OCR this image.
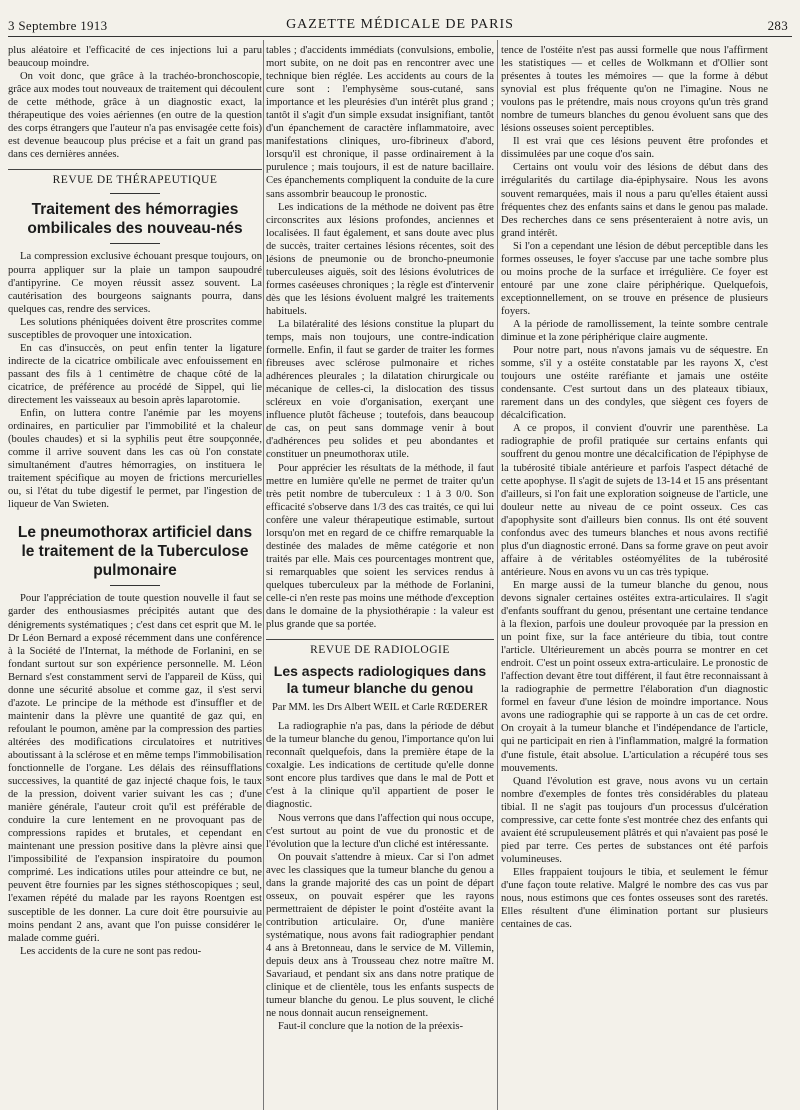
3 Septembre 1913	GAZETTE MÉDICALE DE PARIS	283

plus aléatoire et l'efficacité de ces injections lui a paru beaucoup moindre.

On voit donc, que grâce à la trachéo-bronchoscopie, grâce aux modes tout nouveaux de traitement qui découlent de cette méthode, grâce à un diagnostic exact, la thérapeutique des voies aériennes (en outre de la question des corps étrangers que l'auteur n'a pas envisagée cette fois) est devenue beaucoup plus précise et a fait un grand pas dans ces dernières années.

REVUE DE THÉRAPEUTIQUE
Traitement des hémorragies ombilicales des nouveau-nés

La compression exclusive échouant presque toujours, on pourra appliquer sur la plaie un tampon saupoudré d'antipyrine. Ce moyen réussit assez souvent. La cautérisation des bourgeons saignants pourra, dans quelques cas, rendre des services.

Les solutions phéniquées doivent être proscrites comme susceptibles de provoquer une intoxication.

En cas d'insuccès, on peut enfin tenter la ligature indirecte de la cicatrice ombilicale avec enfouissement en passant des fils à 1 centimètre de chaque côté de la cicatrice, de préférence au procédé de Sippel, qui lie directement les vaisseaux au besoin après laparotomie.

Enfin, on luttera contre l'anémie par les moyens ordinaires, en particulier par l'immobilité et la chaleur (boules chaudes) et si la syphilis peut être soupçonnée, comme il arrive souvent dans les cas où l'on constate simultanément d'autres hémorragies, on instituera le traitement spécifique au moyen de frictions mercurielles ou, si l'état du tube digestif le permet, par l'ingestion de liqueur de Van Swieten.

Le pneumothorax artificiel dans le traitement de la Tuberculose pulmonaire

Pour l'appréciation de toute question nouvelle il faut se garder des enthousiasmes précipités autant que des dénigrements systématiques ; c'est dans cet esprit que M. le Dr Léon Bernard a exposé récemment dans une conférence à la Société de l'Internat, la méthode de Forlanini, en se fondant surtout sur son expérience personnelle. M. Léon Bernard s'est constamment servi de l'appareil de Küss, qui donne une sécurité absolue et comme gaz, il s'est servi d'azote. Le principe de la méthode est d'insuffler et de maintenir dans la plèvre une quantité de gaz qui, en refoulant le poumon, amène par la compression des parties altérées des modifications circulatoires et nutritives aboutissant à la sclérose et en même temps l'immobilisation fonctionnelle de l'organe. Les délais des réinsufflations successives, la quantité de gaz injecté chaque fois, le taux de la pression, doivent varier suivant les cas ; d'une manière générale, l'auteur croit qu'il est préférable de conduire la cure lentement en ne provoquant pas de compressions rapides et brutales, et cependant en maintenant une pression positive dans la plèvre ainsi que l'impossibilité de l'expansion inspiratoire du poumon comprimé. Les indications utiles pour atteindre ce but, ne peuvent être fournies par les signes stéthoscopiques ; seul, l'examen répété du malade par les rayons Roentgen est susceptible de les donner. La cure doit être poursuivie au moins pendant 2 ans, avant que l'on puisse considérer le malade comme guéri.

Les accidents de la cure ne sont pas redou-

tables ; d'accidents immédiats (convulsions, embolie, mort subite, on ne doit pas en rencontrer avec une technique bien réglée. Les accidents au cours de la cure sont : l'emphysème sous-cutané, sans importance et les pleurésies d'un intérêt plus grand ; tantôt il s'agit d'un simple exsudat insignifiant, tantôt d'un épanchement de caractère inflammatoire, avec manifestations cliniques, uro-fibrineux d'abord, lorsqu'il est chronique, il passe ordinairement à la purulence ; mais toujours, il est de nature bacillaire. Ces épanchements compliquent la conduite de la cure sans assombrir beaucoup le pronostic.

Les indications de la méthode ne doivent pas être circonscrites aux lésions profondes, anciennes et localisées. Il faut également, et sans doute avec plus de succès, traiter certaines lésions récentes, soit des lésions de pneumonie ou de broncho-pneumonie tuberculeuses aiguës, soit des lésions évolutrices de formes caséeuses chroniques ; la règle est d'intervenir dès que les lésions évoluent malgré les traitements habituels.

La bilatéralité des lésions constitue la plupart du temps, mais non toujours, une contre-indication formelle. Enfin, il faut se garder de traiter les formes fibreuses avec sclérose pulmonaire et riches adhérences pleurales ; la dilatation chirurgicale ou mécanique de celles-ci, la dislocation des tissus scléreux en voie d'organisation, exerçant une influence plutôt fâcheuse ; toutefois, dans beaucoup de cas, on peut sans dommage venir à bout d'adhérences peu solides et peu abondantes et constituer un pneumothorax utile.

Pour apprécier les résultats de la méthode, il faut mettre en lumière qu'elle ne permet de traiter qu'un très petit nombre de tuberculeux : 1 à 3 0/0. Son efficacité s'observe dans 1/3 des cas traités, ce qui lui confère une valeur thérapeutique estimable, surtout lorsqu'on met en regard de ce chiffre remarquable la destinée des malades de même catégorie et non traités par elle. Mais ces pourcentages montrent que, si remarquables que soient les services rendus à quelques tuberculeux par la méthode de Forlanini, celle-ci n'en reste pas moins une méthode d'exception dans le domaine de la physiothérapie : la valeur est plus grande que sa portée.

REVUE DE RADIOLOGIE
Les aspects radiologiques dans la tumeur blanche du genou
Par MM. les Drs Albert WEIL et Carle RŒDERER

La radiographie n'a pas, dans la période de début de la tumeur blanche du genou, l'importance qu'on lui reconnaît quelquefois, dans la première étape de la coxalgie. Les indications de certitude qu'elle donne sont encore plus tardives que dans le mal de Pott et c'est à la clinique qu'il appartient de poser le diagnostic.

Nous verrons que dans l'affection qui nous occupe, c'est surtout au point de vue du pronostic et de l'évolution que la lecture d'un cliché est intéressante.

On pouvait s'attendre à mieux. Car si l'on admet avec les classiques que la tumeur blanche du genou a dans la grande majorité des cas un point de départ osseux, on pouvait espérer que les rayons permettraient de dépister le point d'ostéite avant la contribution articulaire. Or, d'une manière systématique, nous avons fait radiographier pendant 4 ans à Bretonneau, dans le service de M. Villemin, depuis deux ans à Trousseau chez notre maître M. Savariaud, et pendant six ans dans notre pratique de clinique et de clientèle, tous les enfants suspects de tumeur blanche du genou. Le plus souvent, le cliché ne nous donnait aucun renseignement.

Faut-il conclure que la notion de la préexis-

tence de l'ostéite n'est pas aussi formelle que nous l'affirment les statistiques — et celles de Wolkmann et d'Ollier sont présentes à toutes les mémoires — que la forme à début synovial est plus fréquente qu'on ne l'imagine. Nous ne voulons pas le prétendre, mais nous croyons qu'un très grand nombre de tumeurs blanches du genou évoluent sans que des lésions osseuses soient perceptibles.

Il est vrai que ces lésions peuvent être profondes et dissimulées par une coque d'os sain.

Certains ont voulu voir des lésions de début dans des irrégularités du cartilage dia-épiphysaire. Nous les avons souvent remarquées, mais il nous a paru qu'elles étaient aussi fréquentes chez des enfants sains et dans le genou pas malade. Des recherches dans ce sens présenteraient à notre avis, un grand intérêt.

Si l'on a cependant une lésion de début perceptible dans les formes osseuses, le foyer s'accuse par une tache sombre plus ou moins proche de la surface et irrégulière. Ce foyer est entouré par une zone claire périphérique. Quelquefois, exceptionnellement, on se trouve en présence de plusieurs foyers.

A la période de ramollissement, la teinte sombre centrale diminue et la zone périphérique claire augmente.

Pour notre part, nous n'avons jamais vu de séquestre. En somme, s'il y a ostéite constatable par les rayons X, c'est toujours une ostéite raréfiante et jamais une ostéite condensante. C'est surtout dans un des plateaux tibiaux, rarement dans un des condyles, que siègent ces foyers de décalcification.

A ce propos, il convient d'ouvrir une parenthèse. La radiographie de profil pratiquée sur certains enfants qui souffrent du genou montre une décalcification de l'épiphyse de la tubérosité tibiale antérieure et parfois l'aspect détaché de cette apophyse. Il s'agit de sujets de 13-14 et 15 ans présentant d'ailleurs, si l'on fait une exploration soigneuse de l'article, une douleur nette au niveau de ce point osseux. Ces cas d'apophysite sont d'ailleurs bien connus. Ils ont été souvent confondus avec des tumeurs blanches et nous avons rectifié plus d'un diagnostic erroné. Dans sa forme grave on peut avoir affaire à de véritables ostéomyélites de la tubérosité antérieure. Nous en avons vu un cas très typique.

En marge aussi de la tumeur blanche du genou, nous devons signaler certaines ostéites extra-articulaires. Il s'agit d'enfants souffrant du genou, présentant une certaine tendance à la flexion, parfois une douleur provoquée par la pression en un point fixe, sur la face antérieure du tibia, tout contre l'article. Ultérieurement un abcès pourra se montrer en cet endroit. C'est un point osseux extra-articulaire. Le pronostic de l'affection devant être tout différent, il faut être reconnaissant à la radiographie de permettre l'élaboration d'un diagnostic formel en faveur d'une lésion de moindre importance. Nous avons une radiographie qui se rapporte à un cas de cet ordre. On croyait à la tumeur blanche et l'indépendance de l'article, qui ne participait en rien à l'inflammation, malgré la formation d'une fistule, était absolue. L'articulation a récupéré tous ses mouvements.

Quand l'évolution est grave, nous avons vu un certain nombre d'exemples de fontes très considérables du plateau tibial. Il ne s'agit pas toujours d'un processus d'ulcération compressive, car cette fonte s'est montrée chez des enfants qui avaient été scrupuleusement plâtrés et qui n'avaient pas posé le pied par terre. Ces pertes de substances ont été parfois volumineuses.

Elles frappaient toujours le tibia, et seulement le fémur d'une façon toute relative. Malgré le nombre des cas vus par nous, nous estimons que ces fontes osseuses sont des raretés. Elles résultent d'une élimination portant sur plusieurs centaines de cas.
